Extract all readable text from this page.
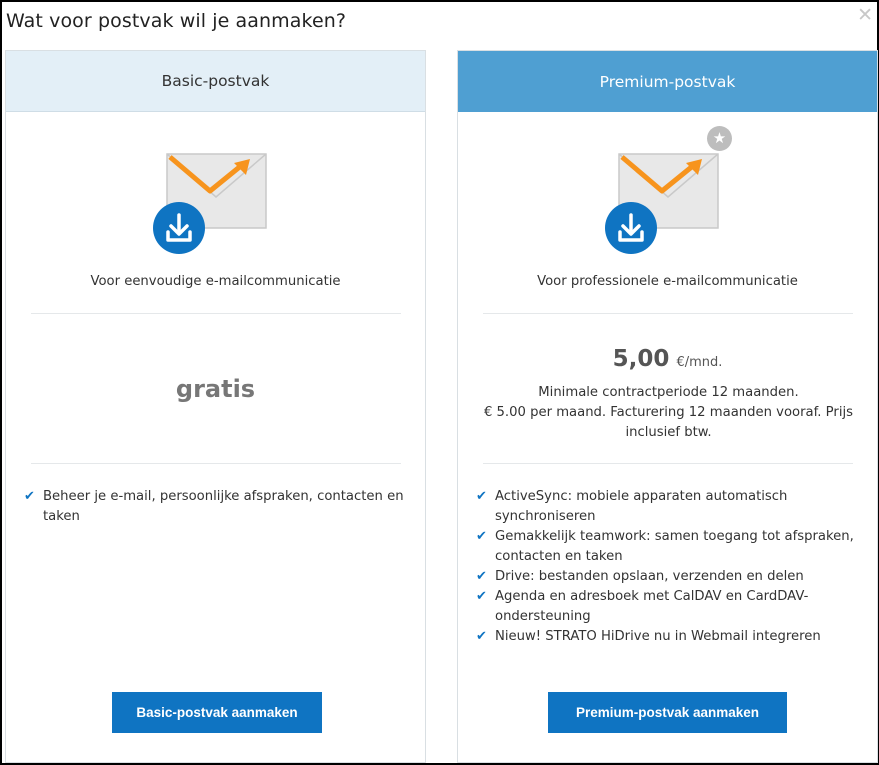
Wat voor postvak wil je aanmaken?	✕
Basic-postvak
Voor eenvoudige e-mailcommunicatie
gratis
✔ Beheer je e-mail, persoonlijke afspraken, contacten en taken
Basic-postvak aanmaken
Premium-postvak
★
Voor professionele e-mailcommunicatie
5,00 €/mnd.
Minimale contractperiode 12 maanden.
€ 5.00 per maand. Facturering 12 maanden vooraf. Prijs inclusief btw.
✔ ActiveSync: mobiele apparaten automatisch synchroniseren
✔ Gemakkelijk teamwork: samen toegang tot afspraken, contacten en taken
✔ Drive: bestanden opslaan, verzenden en delen
✔ Agenda en adresboek met CalDAV en CardDAV-ondersteuning
✔ Nieuw! STRATO HiDrive nu in Webmail integreren
Premium-postvak aanmaken
